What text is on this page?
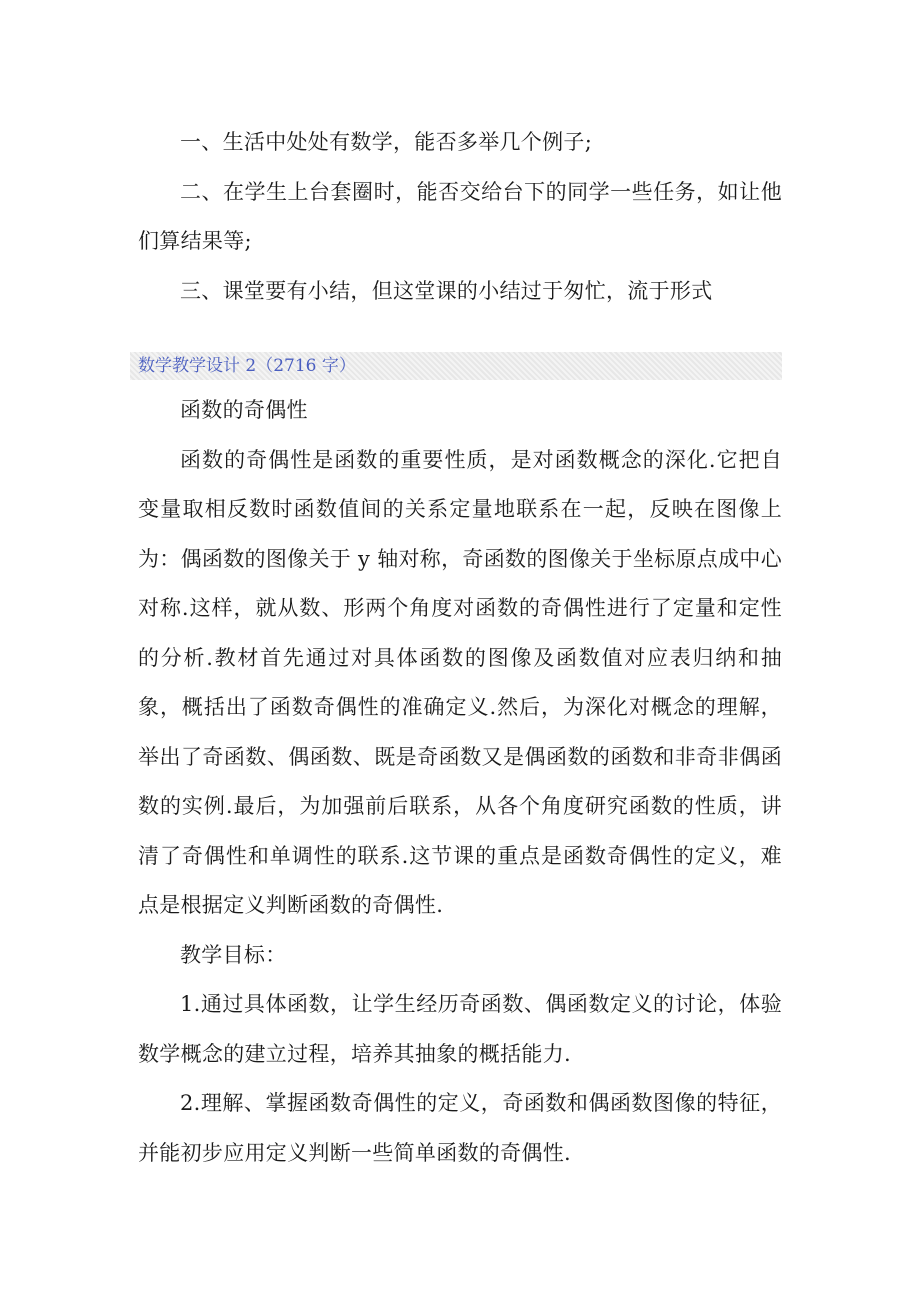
一、生活中处处有数学，能否多举几个例子;

二、在学生上台套圈时，能否交给台下的同学一些任务，如让他们算结果等;

三、课堂要有小结，但这堂课的小结过于匆忙，流于形式

数学教学设计 2（2716 字）

函数的奇偶性

函数的奇偶性是函数的重要性质，是对函数概念的深化.它把自变量取相反数时函数值间的关系定量地联系在一起，反映在图像上为：偶函数的图像关于 y 轴对称，奇函数的图像关于坐标原点成中心对称.这样，就从数、形两个角度对函数的奇偶性进行了定量和定性的分析.教材首先通过对具体函数的图像及函数值对应表归纳和抽象，概括出了函数奇偶性的准确定义.然后，为深化对概念的理解，举出了奇函数、偶函数、既是奇函数又是偶函数的函数和非奇非偶函数的实例.最后，为加强前后联系，从各个角度研究函数的性质，讲清了奇偶性和单调性的联系.这节课的重点是函数奇偶性的定义，难点是根据定义判断函数的奇偶性.

教学目标：

1.通过具体函数，让学生经历奇函数、偶函数定义的讨论，体验数学概念的建立过程，培养其抽象的概括能力.

2.理解、掌握函数奇偶性的定义，奇函数和偶函数图像的特征，并能初步应用定义判断一些简单函数的奇偶性.
